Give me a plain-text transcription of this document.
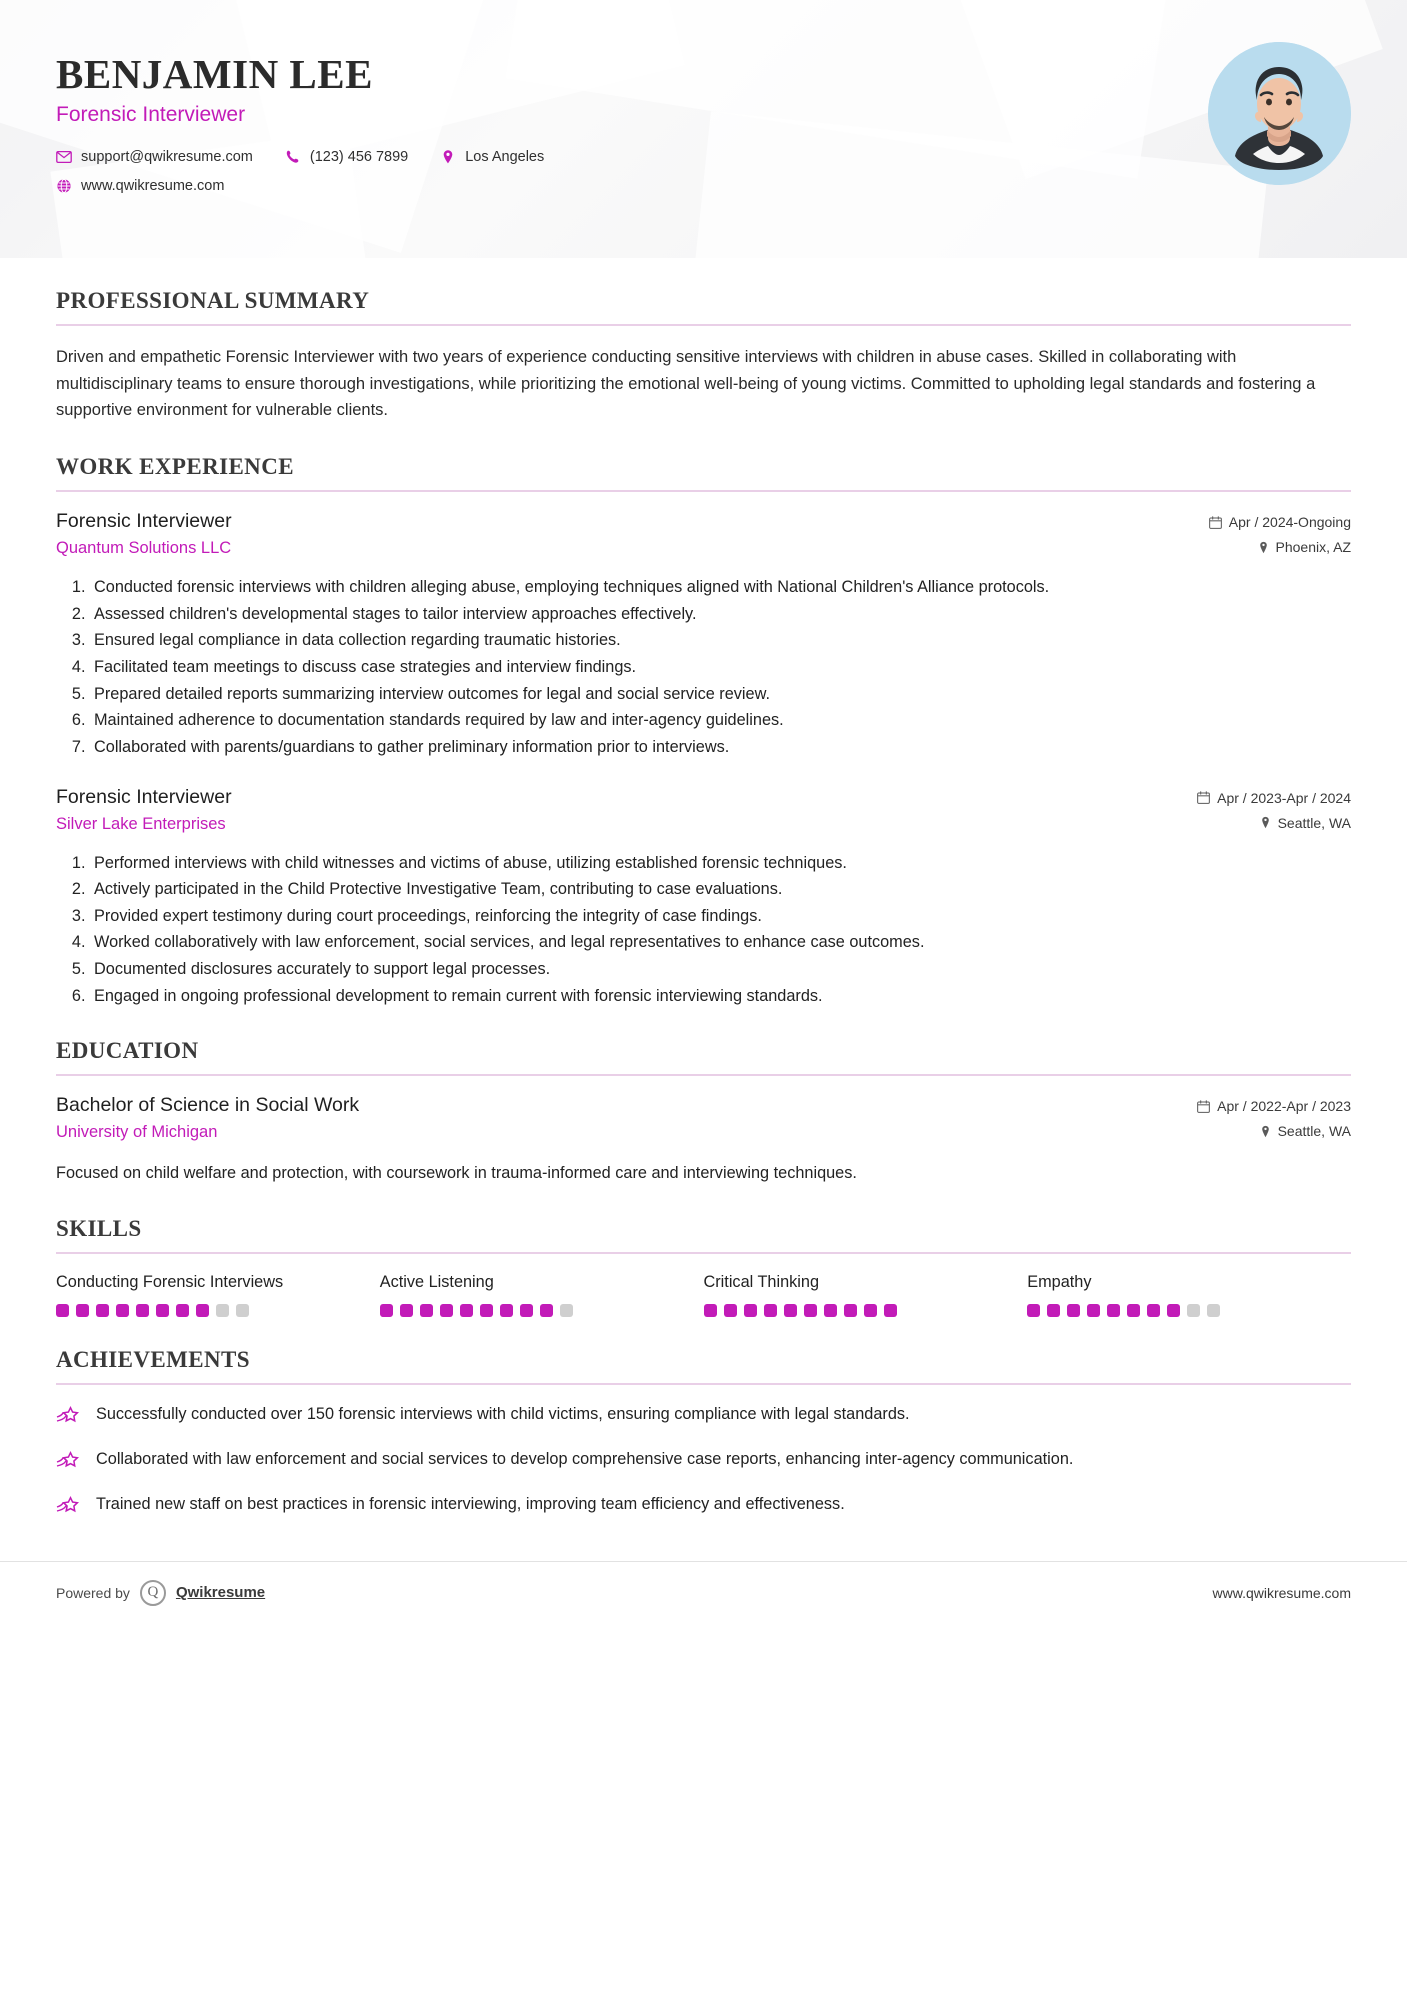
BENJAMIN LEE
Forensic Interviewer
support@qwikresume.com	(123) 456 7899	Los Angeles
www.qwikresume.com
PROFESSIONAL SUMMARY

Driven and empathetic Forensic Interviewer with two years of experience conducting sensitive interviews with children in abuse cases. Skilled in collaborating with multidisciplinary teams to ensure thorough investigations, while prioritizing the emotional well-being of young victims. Committed to upholding legal standards and fostering a supportive environment for vulnerable clients.

WORK EXPERIENCE
Forensic Interviewer
Quantum Solutions LLC
Apr / 2024-Ongoing
Phoenix, AZ
1. Conducted forensic interviews with children alleging abuse, employing techniques aligned with National Children's Alliance protocols.
2. Assessed children's developmental stages to tailor interview approaches effectively.
3. Ensured legal compliance in data collection regarding traumatic histories.
4. Facilitated team meetings to discuss case strategies and interview findings.
5. Prepared detailed reports summarizing interview outcomes for legal and social service review.
6. Maintained adherence to documentation standards required by law and inter-agency guidelines.
7. Collaborated with parents/guardians to gather preliminary information prior to interviews.
Forensic Interviewer
Silver Lake Enterprises
Apr / 2023-Apr / 2024
Seattle, WA
1. Performed interviews with child witnesses and victims of abuse, utilizing established forensic techniques.
2. Actively participated in the Child Protective Investigative Team, contributing to case evaluations.
3. Provided expert testimony during court proceedings, reinforcing the integrity of case findings.
4. Worked collaboratively with law enforcement, social services, and legal representatives to enhance case outcomes.
5. Documented disclosures accurately to support legal processes.
6. Engaged in ongoing professional development to remain current with forensic interviewing standards.
EDUCATION
Bachelor of Science in Social Work
University of Michigan
Apr / 2022-Apr / 2023
Seattle, WA

Focused on child welfare and protection, with coursework in trauma-informed care and interviewing techniques.

SKILLS
Conducting Forensic Interviews	Active Listening	Critical Thinking	Empathy
ACHIEVEMENTS
Successfully conducted over 150 forensic interviews with child victims, ensuring compliance with legal standards.
Collaborated with law enforcement and social services to develop comprehensive case reports, enhancing inter-agency communication.
Trained new staff on best practices in forensic interviewing, improving team efficiency and effectiveness.
Powered by	Q	Qwikresume	www.qwikresume.com
